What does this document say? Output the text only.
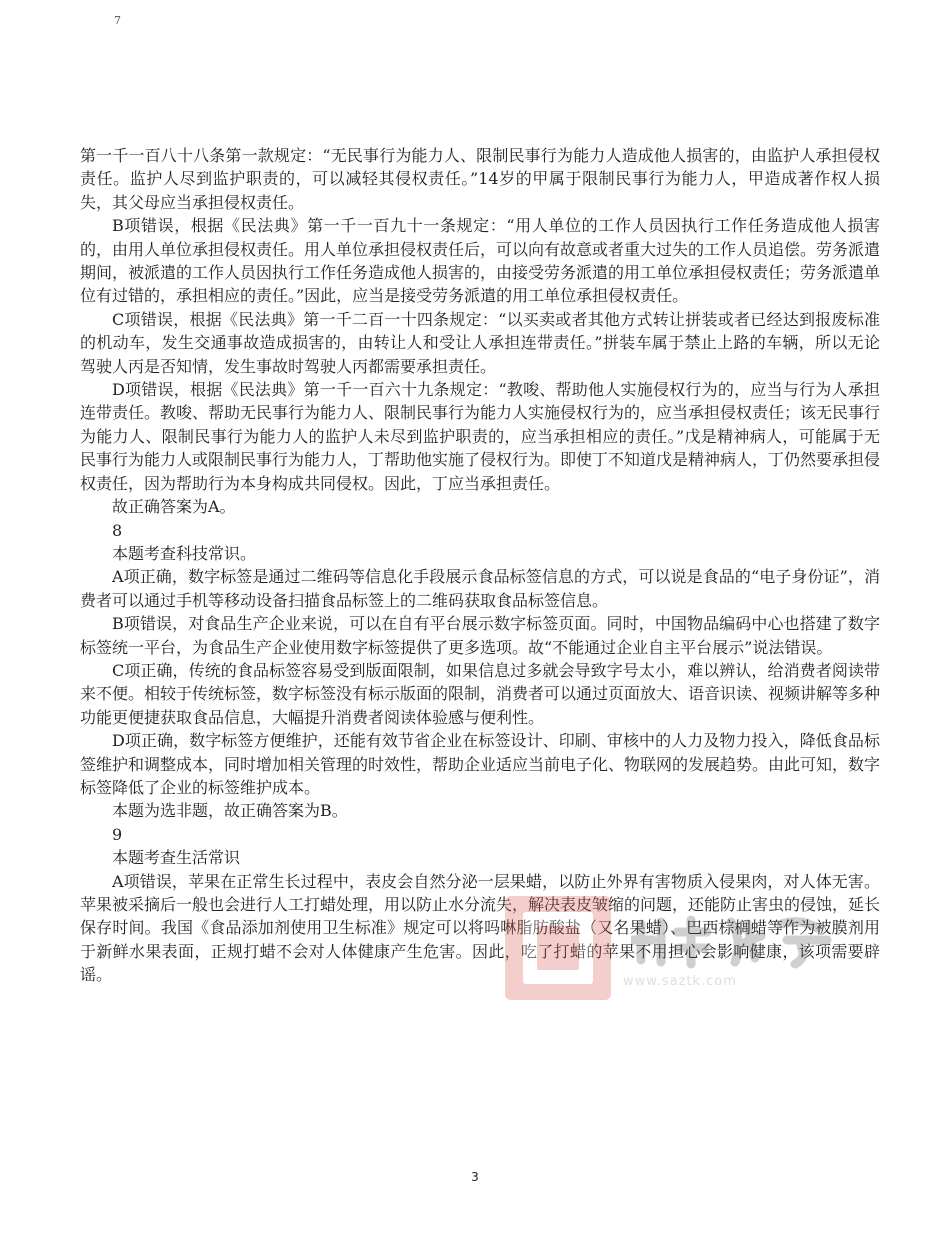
7

第一千一百八十八条第一款规定：“无民事行为能力人、限制民事行为能力人造成他人损害的，由监护人承担侵权责任。监护人尽到监护职责的，可以减轻其侵权责任。”14岁的甲属于限制民事行为能力人，甲造成著作权人损失，其父母应当承担侵权责任。

B项错误，根据《民法典》第一千一百九十一条规定：“用人单位的工作人员因执行工作任务造成他人损害的，由用人单位承担侵权责任。用人单位承担侵权责任后，可以向有故意或者重大过失的工作人员追偿。劳务派遣期间，被派遣的工作人员因执行工作任务造成他人损害的，由接受劳务派遣的用工单位承担侵权责任；劳务派遣单位有过错的，承担相应的责任。”因此，应当是接受劳务派遣的用工单位承担侵权责任。

C项错误，根据《民法典》第一千二百一十四条规定：“以买卖或者其他方式转让拼装或者已经达到报废标准的机动车，发生交通事故造成损害的，由转让人和受让人承担连带责任。”拼装车属于禁止上路的车辆，所以无论驾驶人丙是否知情，发生事故时驾驶人丙都需要承担责任。

D项错误，根据《民法典》第一千一百六十九条规定：“教唆、帮助他人实施侵权行为的，应当与行为人承担连带责任。教唆、帮助无民事行为能力人、限制民事行为能力人实施侵权行为的，应当承担侵权责任；该无民事行为能力人、限制民事行为能力人的监护人未尽到监护职责的，应当承担相应的责任。”戊是精神病人，可能属于无民事行为能力人或限制民事行为能力人，丁帮助他实施了侵权行为。即使丁不知道戊是精神病人，丁仍然要承担侵权责任，因为帮助行为本身构成共同侵权。因此，丁应当承担责任。

故正确答案为A。

8

本题考查科技常识。

A项正确，数字标签是通过二维码等信息化手段展示食品标签信息的方式，可以说是食品的“电子身份证”，消费者可以通过手机等移动设备扫描食品标签上的二维码获取食品标签信息。

B项错误，对食品生产企业来说，可以在自有平台展示数字标签页面。同时，中国物品编码中心也搭建了数字标签统一平台，为食品生产企业使用数字标签提供了更多选项。故“不能通过企业自主平台展示”说法错误。

C项正确，传统的食品标签容易受到版面限制，如果信息过多就会导致字号太小，难以辨认，给消费者阅读带来不便。相较于传统标签，数字标签没有标示版面的限制，消费者可以通过页面放大、语音识读、视频讲解等多种功能更便捷获取食品信息，大幅提升消费者阅读体验感与便利性。

D项正确，数字标签方便维护，还能有效节省企业在标签设计、印刷、审核中的人力及物力投入，降低食品标签维护和调整成本，同时增加相关管理的时效性，帮助企业适应当前电子化、物联网的发展趋势。由此可知，数字标签降低了企业的标签维护成本。

本题为选非题，故正确答案为B。

9

本题考查生活常识

A项错误，苹果在正常生长过程中，表皮会自然分泌一层果蜡，以防止外界有害物质入侵果肉，对人体无害。苹果被采摘后一般也会进行人工打蜡处理，用以防止水分流失，解决表皮皱缩的问题，还能防止害虫的侵蚀，延长保存时间。我国《食品添加剂使用卫生标准》规定可以将吗啉脂肪酸盐（又名果蜡）、巴西棕榈蜡等作为被膜剂用于新鲜水果表面，正规打蜡不会对人体健康产生危害。因此，吃了打蜡的苹果不用担心会影响健康，该项需要辟谣。	www.saztk.com
3
